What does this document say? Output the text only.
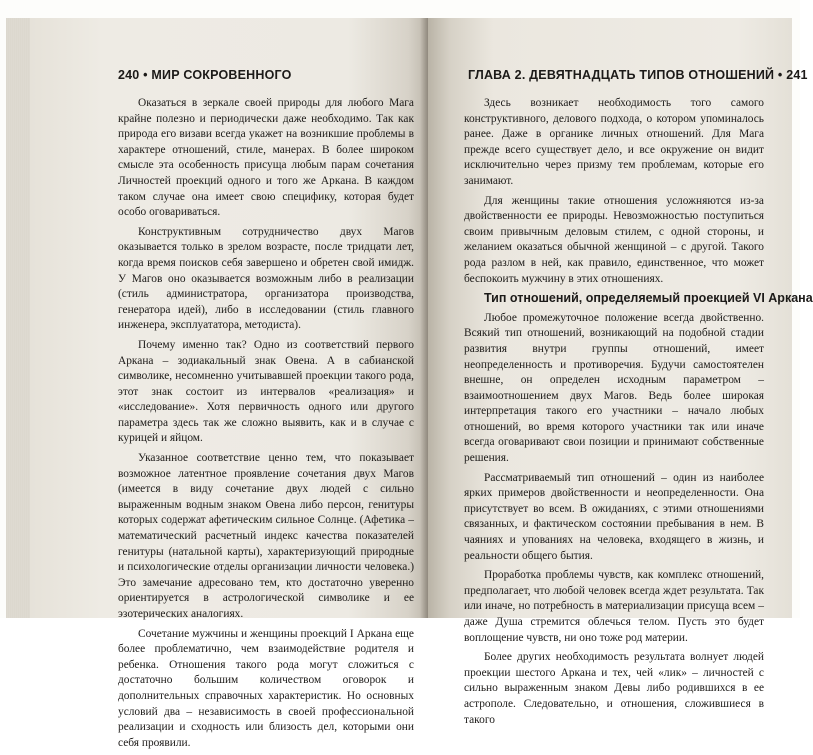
240 • МИР СОКРОВЕННОГО

Оказаться в зеркале своей природы для любого Мага крайне полезно и периодически даже необходимо. Так как природа его визави всегда укажет на возникшие проблемы в характере отношений, стиле, манерах. В более широком смысле эта особенность присуща любым парам сочетания Личностей проекций одного и того же Аркана. В каждом таком случае она имеет свою специфику, которая будет особо оговариваться.

Конструктивным сотрудничество двух Магов оказывается только в зрелом возрасте, после тридцати лет, когда время поисков себя завершено и обретен свой имидж. У Магов оно оказывается возможным либо в реализации (стиль администратора, организатора производства, генератора идей), либо в исследовании (стиль главного инженера, эксплуататора, методиста).

Почему именно так? Одно из соответствий первого Аркана – зодиакальный знак Овена. А в сабианской символике, несомненно учитывавшей проекции такого рода, этот знак состоит из интервалов «реализация» и «исследование». Хотя первичность одного или другого параметра здесь так же сложно выявить, как и в случае с курицей и яйцом.

Указанное соответствие ценно тем, что показывает возможное латентное проявление сочетания двух Магов (имеется в виду сочетание двух людей с сильно выраженным водным знаком Овена либо персон, генитуры которых содержат афетическим сильное Солнце. (Афетика – математический расчетный индекс качества показателей генитуры (натальной карты), характеризующий природные и психологические отделы организации личности человека.) Это замечание адресовано тем, кто достаточно уверенно ориентируется в астрологической символике и ее эзотерических аналогиях.

Сочетание мужчины и женщины проекций I Аркана еще более проблематично, чем взаимодействие родителя и ребенка. Отношения такого рода могут сложиться с достаточно большим количеством оговорок и дополнительных справочных характеристик. Но основных условий два – независимость в своей профессиональной реализации и сходность или близость дел, которыми они себя проявили.

ГЛАВА 2. ДЕВЯТНАДЦАТЬ ТИПОВ ОТНОШЕНИЙ • 241

Здесь возникает необходимость того самого конструктивного, делового подхода, о котором упоминалось ранее. Даже в органике личных отношений. Для Мага прежде всего существует дело, и все окружение он видит исключительно через призму тем проблемам, которые его занимают.

Для женщины такие отношения усложняются из-за двойственности ее природы. Невозможностью поступиться своим привычным деловым стилем, с одной стороны, и желанием оказаться обычной женщиной – с другой. Такого рода разлом в ней, как правило, единственное, что может беспокоить мужчину в этих отношениях.

Тип отношений, определяемый проекцией VI Аркана

Любое промежуточное положение всегда двойственно. Всякий тип отношений, возникающий на подобной стадии развития внутри группы отношений, имеет неопределенность и противоречия. Будучи самостоятелен внешне, он определен исходным параметром – взаимоотношением двух Магов. Ведь более широкая интерпретация такого его участники – начало любых отношений, во время которого участники так или иначе всегда оговаривают свои позиции и принимают собственные решения.

Рассматриваемый тип отношений – один из наиболее ярких примеров двойственности и неопределенности. Она присутствует во всем. В ожиданиях, с этими отношениями связанных, и фактическом состоянии пребывания в нем. В чаяниях и упованиях на человека, входящего в жизнь, и реальности общего бытия.

Проработка проблемы чувств, как комплекс отношений, предполагает, что любой человек всегда ждет результата. Так или иначе, но потребность в материализации присуща всем – даже Душа стремится облечься телом. Пусть это будет воплощение чувств, ни оно тоже род материи.

Более других необходимость результата волнует людей проекции шестого Аркана и тех, чей «лик» – личностей с сильно выраженным знаком Девы либо родившихся в ее астрополе. Следовательно, и отношения, сложившиеся в такого
